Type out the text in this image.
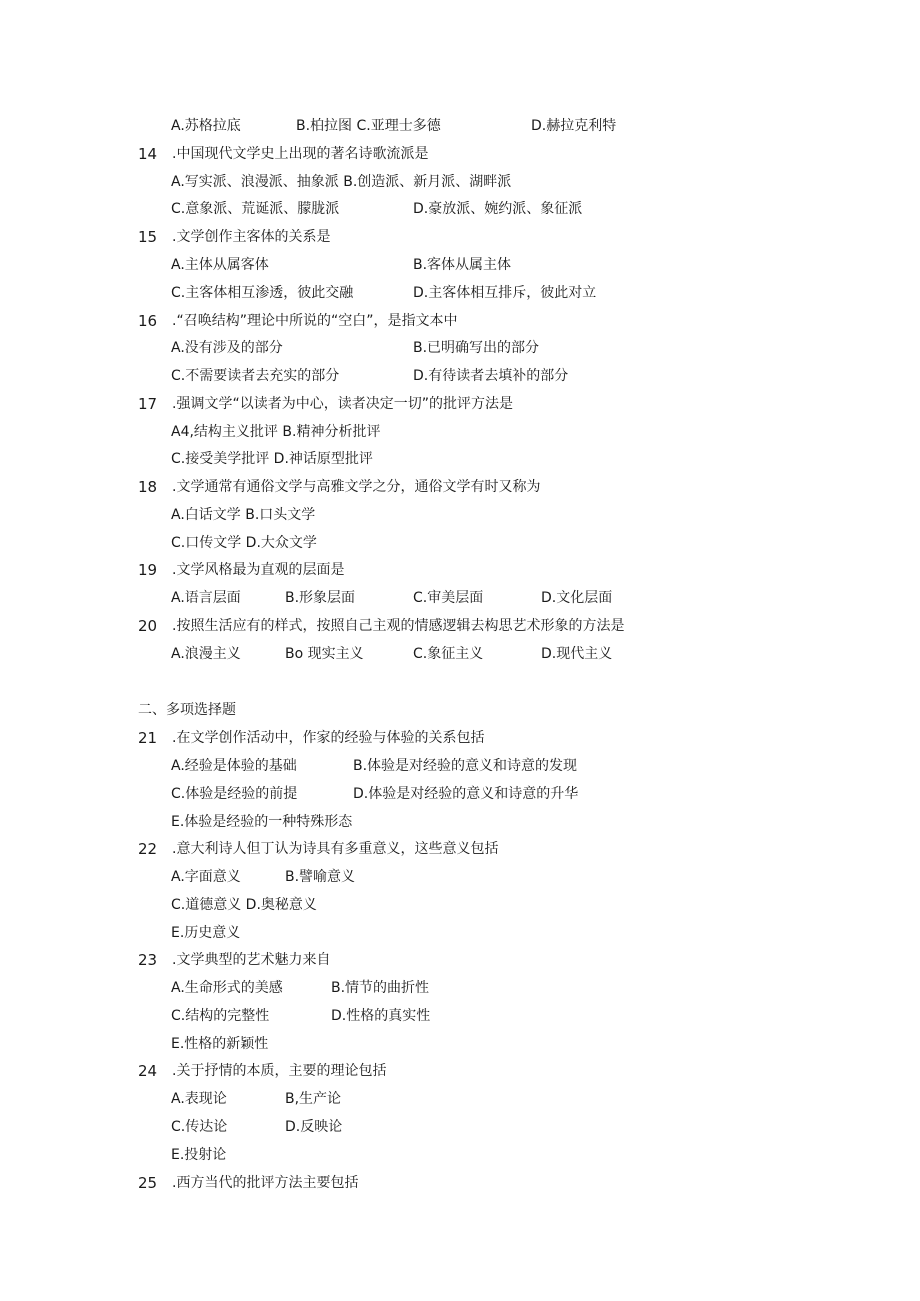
A.苏格拉底	B.柏拉图 C.亚理士多德	D.赫拉克利特
14 .中国现代文学史上出现的著名诗歌流派是
A.写实派、浪漫派、抽象派 B.创造派、新月派、湖畔派
C.意象派、荒诞派、朦胧派	D.豪放派、婉约派、象征派
15 .文学创作主客体的关系是
A.主体从属客体	B.客体从属主体
C.主客体相互渗透，彼此交融	D.主客体相互排斥，彼此对立
16 .“召唤结构”理论中所说的“空白”，是指文本中
A.没有涉及的部分	B.已明确写出的部分
C.不需要读者去充实的部分	D.有待读者去填补的部分
17 .强调文学“以读者为中心，读者决定一切”的批评方法是
A4,结构主义批评 B.精神分析批评
C.接受美学批评 D.神话原型批评
18 .文学通常有通俗文学与高雅文学之分，通俗文学有时又称为
A.白话文学 B.口头文学
C.口传文学 D.大众文学
19 .文学风格最为直观的层面是
A.语言层面	B.形象层面	C.审美层面	D.文化层面
20 .按照生活应有的样式，按照自己主观的情感逻辑去构思艺术形象的方法是
A.浪漫主义	Bo 现实主义	C.象征主义	D.现代主义
二、多项选择题
21 .在文学创作活动中，作家的经验与体验的关系包括
A.经验是体验的基础	B.体验是对经验的意义和诗意的发现
C.体验是经验的前提	D.体验是对经验的意义和诗意的升华
E.体验是经验的一种特殊形态
22 .意大利诗人但丁认为诗具有多重意义，这些意义包括
A.字面意义	B.譬喻意义
C.道德意义 D.奥秘意义
E.历史意义
23 .文学典型的艺术魅力来自
A.生命形式的美感	B.情节的曲折性
C.结构的完整性	D.性格的真实性
E.性格的新颖性
24 .关于抒情的本质，主要的理论包括
A.表现论	B,生产论
C.传达论	D.反映论
E.投射论
25 .西方当代的批评方法主要包括
